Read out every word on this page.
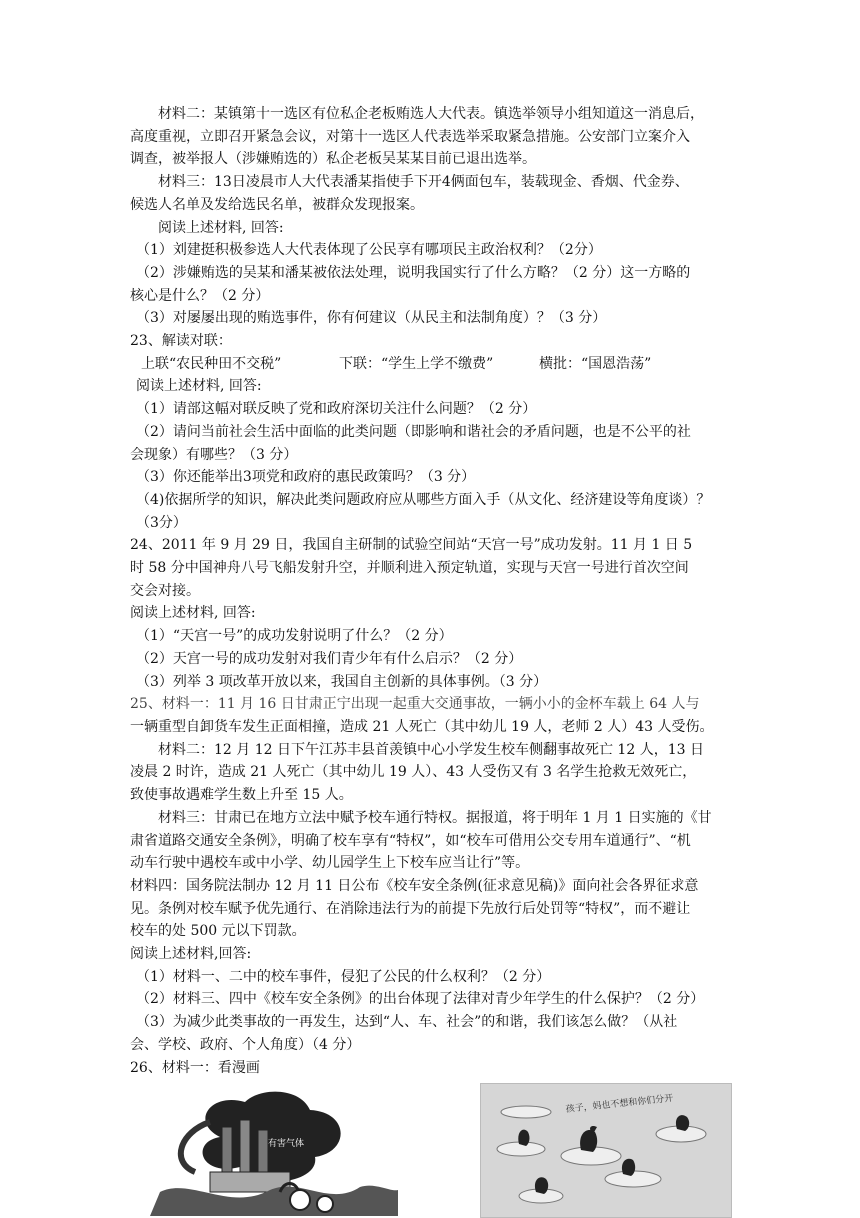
材料二：某镇第十一选区有位私企老板贿选人大代表。镇选举领导小组知道这一消息后，
高度重视，立即召开紧急会议，对第十一选区人代表选举采取紧急措施。公安部门立案介入
调查，被举报人（涉嫌贿选的）私企老板吴某某目前已退出选举。
材料三：13日凌晨市人大代表潘某指使手下开4俩面包车，装载现金、香烟、代金券、
候选人名单及发给选民名单，被群众发现报案。
阅读上述材料, 回答:
（1）刘建挺积极参选人大代表体现了公民享有哪项民主政治权利？（2分）
（2）涉嫌贿选的吴某和潘某被依法处理，说明我国实行了什么方略？（2 分）这一方略的
核心是什么？（2 分）
（3）对屡屡出现的贿选事件，你有何建议（从民主和法制角度）？（3 分）
23、解读对联：
上联“农民种田不交税”	下联：“学生上学不缴费”	横批：“国恩浩荡”
阅读上述材料, 回答:
（1）请部这幅对联反映了党和政府深切关注什么问题？（2 分）
（2）请问当前社会生活中面临的此类问题（即影响和谐社会的矛盾问题，也是不公平的社
会现象）有哪些？（3 分）
（3）你还能举出3项党和政府的惠民政策吗？（3 分）
（4)依据所学的知识，解决此类问题政府应从哪些方面入手（从文化、经济建设等角度谈）？
（3分）
24、2011 年 9 月 29 日，我国自主研制的试验空间站“天宫一号”成功发射。11 月 1 日 5
时 58 分中国神舟八号飞船发射升空，并顺利进入预定轨道，实现与天宫一号进行首次空间
交会对接。
阅读上述材料, 回答:
（1）“天宫一号”的成功发射说明了什么？（2 分）
（2）天宫一号的成功发射对我们青少年有什么启示？（2 分）
（3）列举 3 项改革开放以来，我国自主创新的具体事例。（3 分）
25、材料一：11 月 16 日甘肃正宁出现一起重大交通事故，一辆小小的金杯车载上 64 人与
一辆重型自卸货车发生正面相撞，造成 21 人死亡（其中幼儿 19 人，老师 2 人）43 人受伤。
材料二：12 月 12 日下午江苏丰县首羡镇中心小学发生校车侧翻事故死亡 12 人，13 日
凌晨 2 时许，造成 21 人死亡（其中幼儿 19 人）、43 人受伤又有 3 名学生抢救无效死亡，
致使事故遇难学生数上升至 15 人。
材料三：甘肃已在地方立法中赋予校车通行特权。据报道，将于明年 1 月 1 日实施的《甘
肃省道路交通安全条例》，明确了校车享有“特权”，如“校车可借用公交专用车道通行”、“机
动车行驶中遇校车或中小学、幼儿园学生上下校车应当让行”等。
材料四：国务院法制办 12 月 11 日公布《校车安全条例(征求意见稿)》面向社会各界征求意
见。条例对校车赋予优先通行、在消除违法行为的前提下先放行后处罚等“特权”，而不避让
校车的处 500 元以下罚款。
阅读上述材料,回答:
（1）材料一、二中的校车事件，侵犯了公民的什么权利？（2 分）
（2）材料三、四中《校车安全条例》的出台体现了法律对青少年学生的什么保护？（2 分）
（3）为减少此类事故的一再发生，达到“人、车、社会”的和谐，我们该怎么做？（从社
会、学校、政府、个人角度）（4 分）
26、材料一：看漫画
有害气体
孩子，妈也不想和你们分开
